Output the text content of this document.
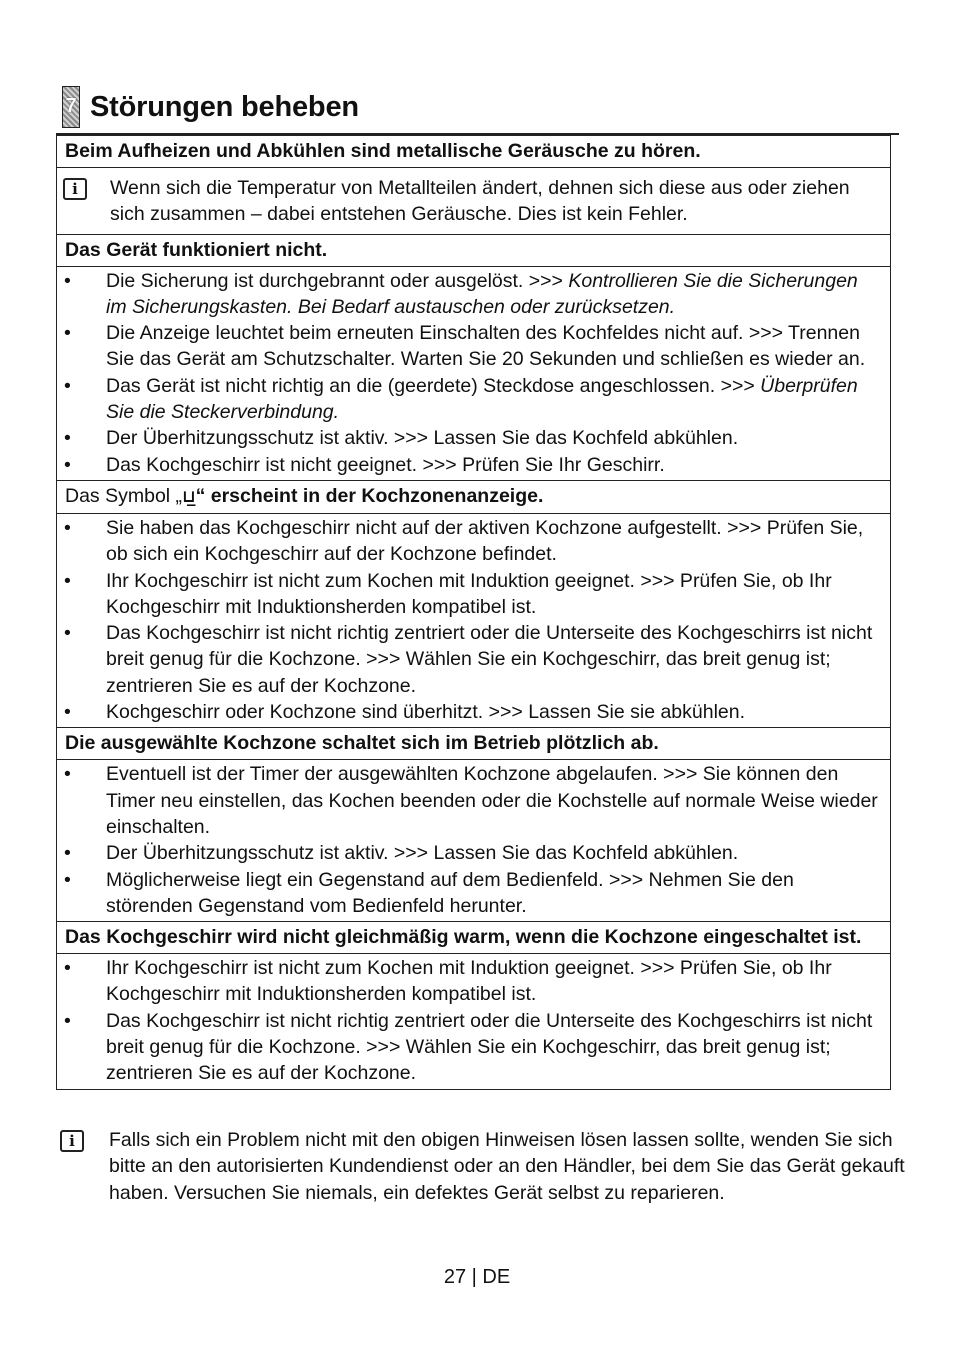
7 Störungen beheben
Beim Aufheizen und Abkühlen sind metallische Geräusche zu hören.
i	Wenn sich die Temperatur von Metallteilen ändert, dehnen sich diese aus oder ziehen sich zusammen – dabei entstehen Geräusche. Dies ist kein Fehler.
Das Gerät funktioniert nicht.
•	Die Sicherung ist durchgebrannt oder ausgelöst. >>> Kontrollieren Sie die Sicherungen im Sicherungskasten. Bei Bedarf austauschen oder zurücksetzen.
•	Die Anzeige leuchtet beim erneuten Einschalten des Kochfeldes nicht auf. >>> Trennen Sie das Gerät am Schutzschalter. Warten Sie 20 Sekunden und schließen es wieder an.
•	Das Gerät ist nicht richtig an die (geerdete) Steckdose angeschlossen. >>> Überprüfen Sie die Steckerverbindung.
•	Der Überhitzungsschutz ist aktiv. >>> Lassen Sie das Kochfeld abkühlen.
•	Das Kochgeschirr ist nicht geeignet. >>> Prüfen Sie Ihr Geschirr.
Das Symbol „⊔̲“ erscheint in der Kochzonenanzeige.
•	Sie haben das Kochgeschirr nicht auf der aktiven Kochzone aufgestellt. >>> Prüfen Sie, ob sich ein Kochgeschirr auf der Kochzone befindet.
•	Ihr Kochgeschirr ist nicht zum Kochen mit Induktion geeignet. >>> Prüfen Sie, ob Ihr Kochgeschirr mit Induktionsherden kompatibel ist.
•	Das Kochgeschirr ist nicht richtig zentriert oder die Unterseite des Kochgeschirrs ist nicht breit genug für die Kochzone. >>> Wählen Sie ein Kochgeschirr, das breit genug ist; zentrieren Sie es auf der Kochzone.
•	Kochgeschirr oder Kochzone sind überhitzt. >>> Lassen Sie sie abkühlen.
Die ausgewählte Kochzone schaltet sich im Betrieb plötzlich ab.
•	Eventuell ist der Timer der ausgewählten Kochzone abgelaufen. >>> Sie können den Timer neu einstellen, das Kochen beenden oder die Kochstelle auf normale Weise wieder einschalten.
•	Der Überhitzungsschutz ist aktiv. >>> Lassen Sie das Kochfeld abkühlen.
•	Möglicherweise liegt ein Gegenstand auf dem Bedienfeld. >>> Nehmen Sie den störenden Gegenstand vom Bedienfeld herunter.
Das Kochgeschirr wird nicht gleichmäßig warm, wenn die Kochzone eingeschaltet ist.
•	Ihr Kochgeschirr ist nicht zum Kochen mit Induktion geeignet. >>> Prüfen Sie, ob Ihr Kochgeschirr mit Induktionsherden kompatibel ist.
•	Das Kochgeschirr ist nicht richtig zentriert oder die Unterseite des Kochgeschirrs ist nicht breit genug für die Kochzone. >>> Wählen Sie ein Kochgeschirr, das breit genug ist; zentrieren Sie es auf der Kochzone.
i	Falls sich ein Problem nicht mit den obigen Hinweisen lösen lassen sollte, wenden Sie sich bitte an den autorisierten Kundendienst oder an den Händler, bei dem Sie das Gerät gekauft haben. Versuchen Sie niemals, ein defektes Gerät selbst zu reparieren.
27 | DE
